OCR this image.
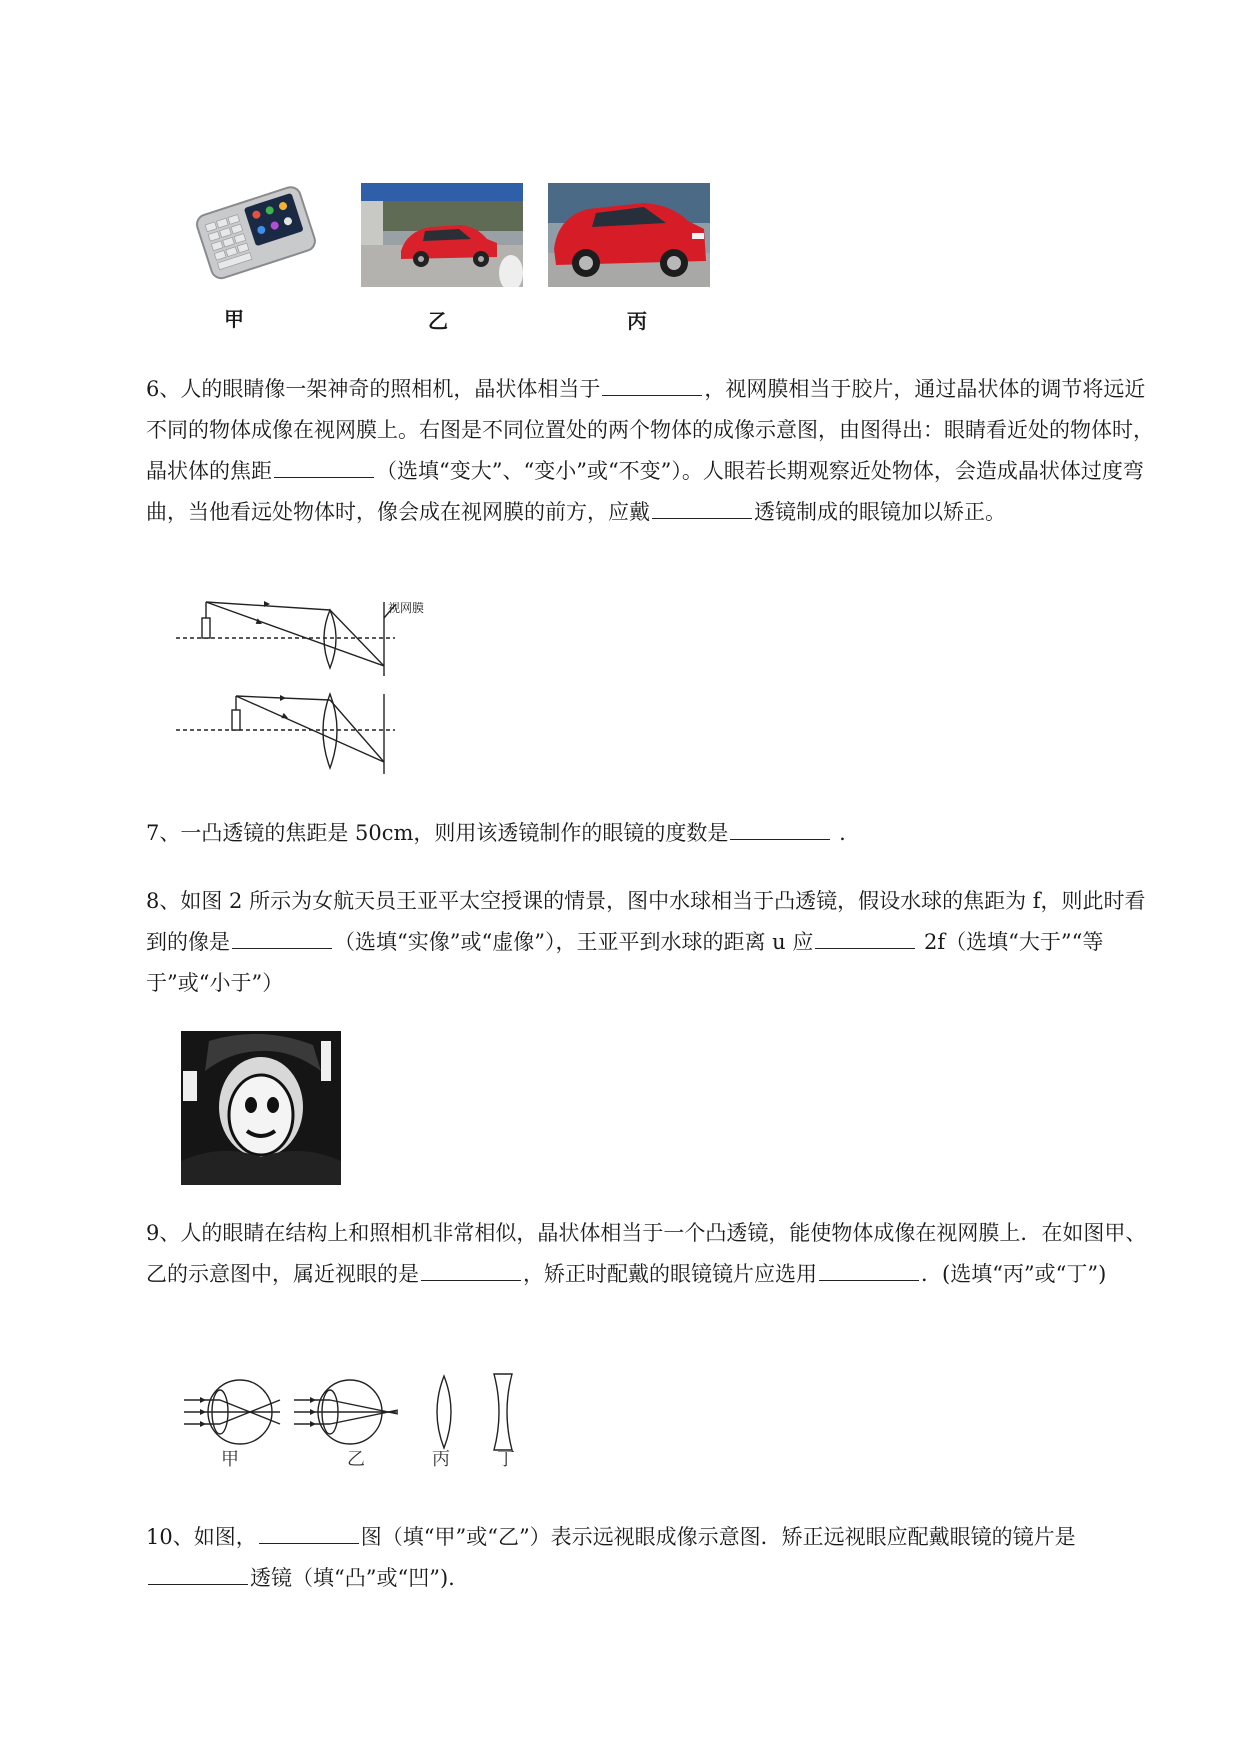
甲	乙	丙

6、人的眼睛像一架神奇的照相机，晶状体相当于	，视网膜相当于胶片，通过晶状体的调节将远近不同的物体成像在视网膜上。右图是不同位置处的两个物体的成像示意图，由图得出：眼睛看近处的物体时，晶状体的焦距	（选填“变大”、“变小”或“不变”）。人眼若长期观察近处物体，会造成晶状体过度弯曲，当他看远处物体时，像会成在视网膜的前方，应戴	透镜制成的眼镜加以矫正。

视网膜

7、一凸透镜的焦距是 50cm，则用该透镜制作的眼镜的度数是	.

8、如图 2 所示为女航天员王亚平太空授课的情景，图中水球相当于凸透镜，假设水球的焦距为 f，则此时看到的像是	（选填“实像”或“虚像”），王亚平到水球的距离 u 应	2f（选填“大于”“等于”或“小于”）

9、人的眼睛在结构上和照相机非常相似，晶状体相当于一个凸透镜，能使物体成像在视网膜上．在如图甲、乙的示意图中，属近视眼的是	，矫正时配戴的眼镜镜片应选用	．(选填“丙”或“丁”)

甲	乙	丙	丁

10、如图，	图（填“甲”或“乙”）表示远视眼成像示意图．矫正远视眼应配戴眼镜的镜片是透镜（填“凸”或“凹”).
